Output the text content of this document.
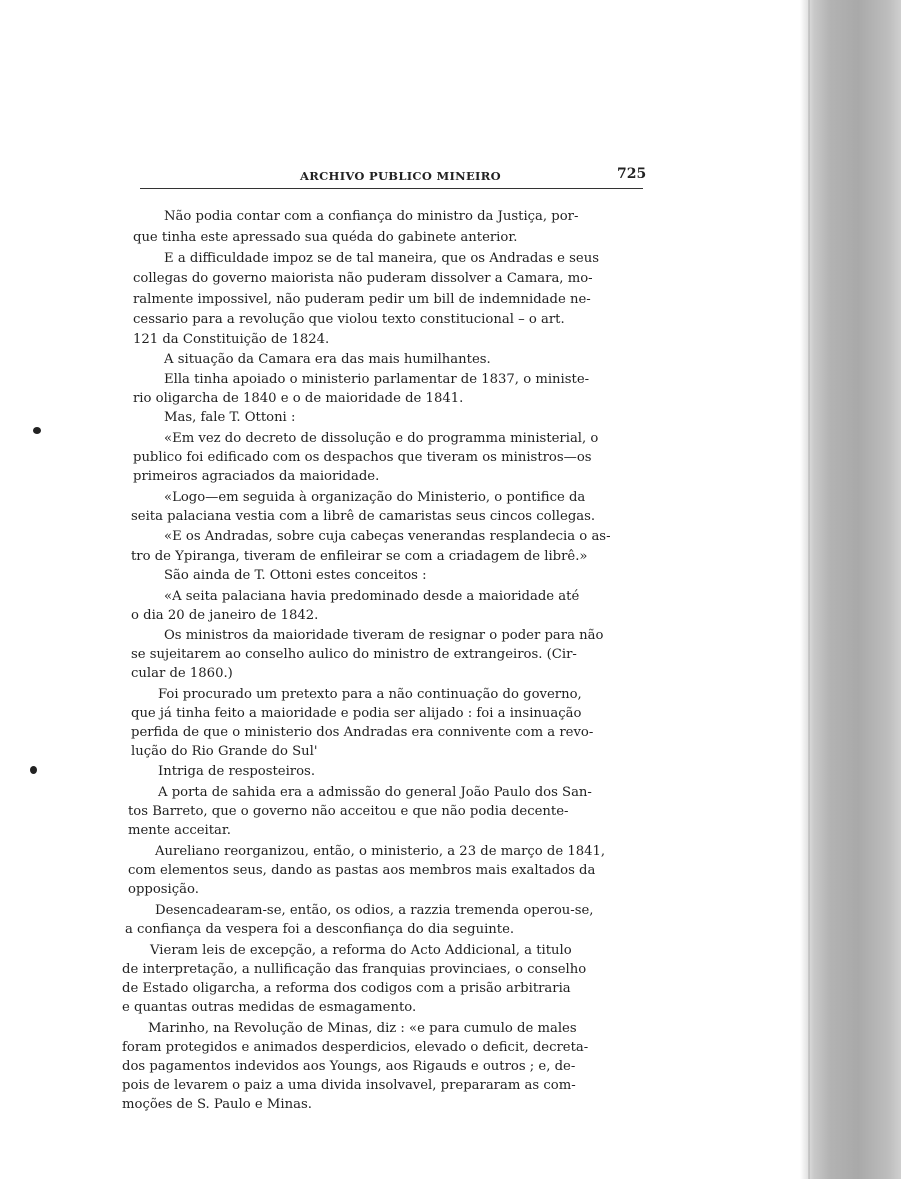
ARCHIVO PUBLICO MINEIRO	725

Não podia contar com a confiança do ministro da Justiça, por-

que tinha este apressado sua quéda do gabinete anterior.

E a difficuldade impoz se de tal maneira, que os Andradas e seus

collegas do governo maiorista não puderam dissolver a Camara, mo-

ralmente impossivel, não puderam pedir um bill de indemnidade ne-

cessario para a revolução que violou texto constitucional – o art.

121 da Constituição de 1824.

A situação da Camara era das mais humilhantes.

Ella tinha apoiado o ministerio parlamentar de 1837, o ministe-

rio oligarcha de 1840 e o de maioridade de 1841.

Mas, fale T. Ottoni :

«Em vez do decreto de dissolução e do programma ministerial, o

publico foi edificado com os despachos que tiveram os ministros—os

primeiros agraciados da maioridade.

«Logo—em seguida à organização do Ministerio, o pontifice da

seita palaciana vestia com a librê de camaristas seus cincos collegas.

«E os Andradas, sobre cuja cabeças venerandas resplandecia o as-

tro de Ypiranga, tiveram de enfileirar se com a criadagem de librê.»

São ainda de T. Ottoni estes conceitos :

«A seita palaciana havia predominado desde a maioridade até

o dia 20 de janeiro de 1842.

Os ministros da maioridade tiveram de resignar o poder para não

se sujeitarem ao conselho aulico do ministro de extrangeiros. (Cir-

cular de 1860.)

Foi procurado um pretexto para a não continuação do governo,

que já tinha feito a maioridade e podia ser alijado : foi a insinuação

perfida de que o ministerio dos Andradas era connivente com a revo-

lução do Rio Grande do Sul'

Intriga de resposteiros.

A porta de sahida era a admissão do general João Paulo dos San-

tos Barreto, que o governo não acceitou e que não podia decente-

mente acceitar.

Aureliano reorganizou, então, o ministerio, a 23 de março de 1841,

com elementos seus, dando as pastas aos membros mais exaltados da

opposição.

Desencadearam-se, então, os odios, a razzia tremenda operou-se,

a confiança da vespera foi a desconfiança do dia seguinte.

Vieram leis de excepção, a reforma do Acto Addicional, a titulo

de interpretação, a nullificação das franquias provinciaes, o conselho

de Estado oligarcha, a reforma dos codigos com a prisão arbitraria

e quantas outras medidas de esmagamento.

Marinho, na Revolução de Minas, diz : «e para cumulo de males

foram protegidos e animados desperdicios, elevado o deficit, decreta-

dos pagamentos indevidos aos Youngs, aos Rigauds e outros ; e, de-

pois de levarem o paiz a uma divida insolvavel, prepararam as com-

moções de S. Paulo e Minas.
